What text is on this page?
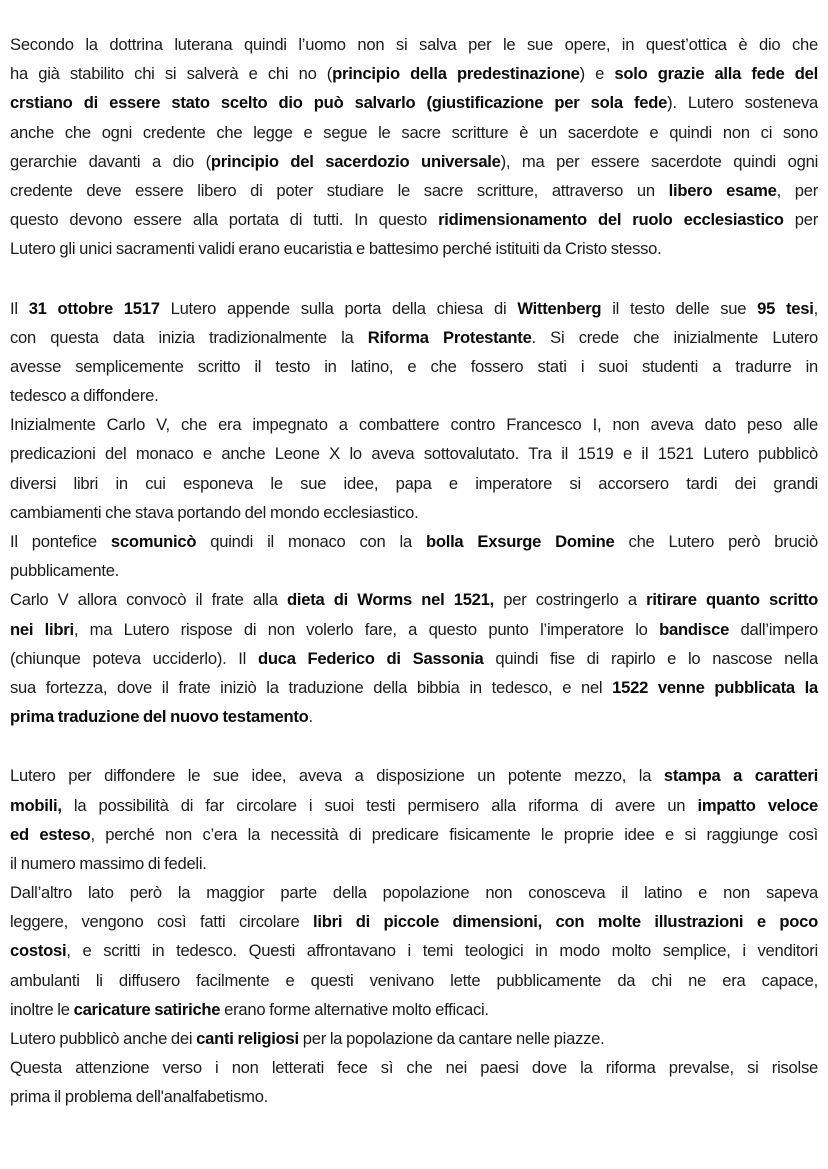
Secondo la dottrina luterana quindi l’uomo non si salva per le sue opere, in quest’ottica è dio che
ha già stabilito chi si salverà e chi no (principio della predestinazione) e solo grazie alla fede del
crstiano di essere stato scelto dio può salvarlo (giustificazione per sola fede). Lutero sosteneva
anche che ogni credente che legge e segue le sacre scritture è un sacerdote e quindi non ci sono
gerarchie davanti a dio (principio del sacerdozio universale), ma per essere sacerdote quindi ogni
credente deve essere libero di poter studiare le sacre scritture, attraverso un libero esame, per
questo devono essere alla portata di tutti. In questo ridimensionamento del ruolo ecclesiastico per
Lutero gli unici sacramenti validi erano eucaristia e battesimo perché istituiti da Cristo stesso.
Il 31 ottobre 1517 Lutero appende sulla porta della chiesa di Wittenberg il testo delle sue 95 tesi,
con questa data inizia tradizionalmente la Riforma Protestante. Si crede che inizialmente Lutero
avesse semplicemente scritto il testo in latino, e che fossero stati i suoi studenti a tradurre in
tedesco a diffondere.
Inizialmente Carlo V, che era impegnato a combattere contro Francesco I, non aveva dato peso alle
predicazioni del monaco e anche Leone X lo aveva sottovalutato. Tra il 1519 e il 1521 Lutero pubblicò
diversi libri in cui esponeva le sue idee, papa e imperatore si accorsero tardi dei grandi
cambiamenti che stava portando del mondo ecclesiastico.
Il pontefice scomunicò quindi il monaco con la bolla Exsurge Domine che Lutero però bruciò
pubblicamente.
Carlo V allora convocò il frate alla dieta di Worms nel 1521, per costringerlo a ritirare quanto scritto
nei libri, ma Lutero rispose di non volerlo fare, a questo punto l’imperatore lo bandisce dall’impero
(chiunque poteva ucciderlo). Il duca Federico di Sassonia quindi fise di rapirlo e lo nascose nella
sua fortezza, dove il frate iniziò la traduzione della bibbia in tedesco, e nel 1522 venne pubblicata la
prima traduzione del nuovo testamento.
Lutero per diffondere le sue idee, aveva a disposizione un potente mezzo, la stampa a caratteri
mobili, la possibilità di far circolare i suoi testi permisero alla riforma di avere un impatto veloce
ed esteso, perché non c’era la necessità di predicare fisicamente le proprie idee e si raggiunge così
il numero massimo di fedeli.
Dall’altro lato però la maggior parte della popolazione non conosceva il latino e non sapeva
leggere, vengono così fatti circolare libri di piccole dimensioni, con molte illustrazioni e poco
costosi, e scritti in tedesco. Questi affrontavano i temi teologici in modo molto semplice, i venditori
ambulanti li diffusero facilmente e questi venivano lette pubblicamente da chi ne era capace,
inoltre le caricature satiriche erano forme alternative molto efficaci.
Lutero pubblicò anche dei canti religiosi per la popolazione da cantare nelle piazze.
Questa attenzione verso i non letterati fece sì che nei paesi dove la riforma prevalse, si risolse
prima il problema dell'analfabetismo.
